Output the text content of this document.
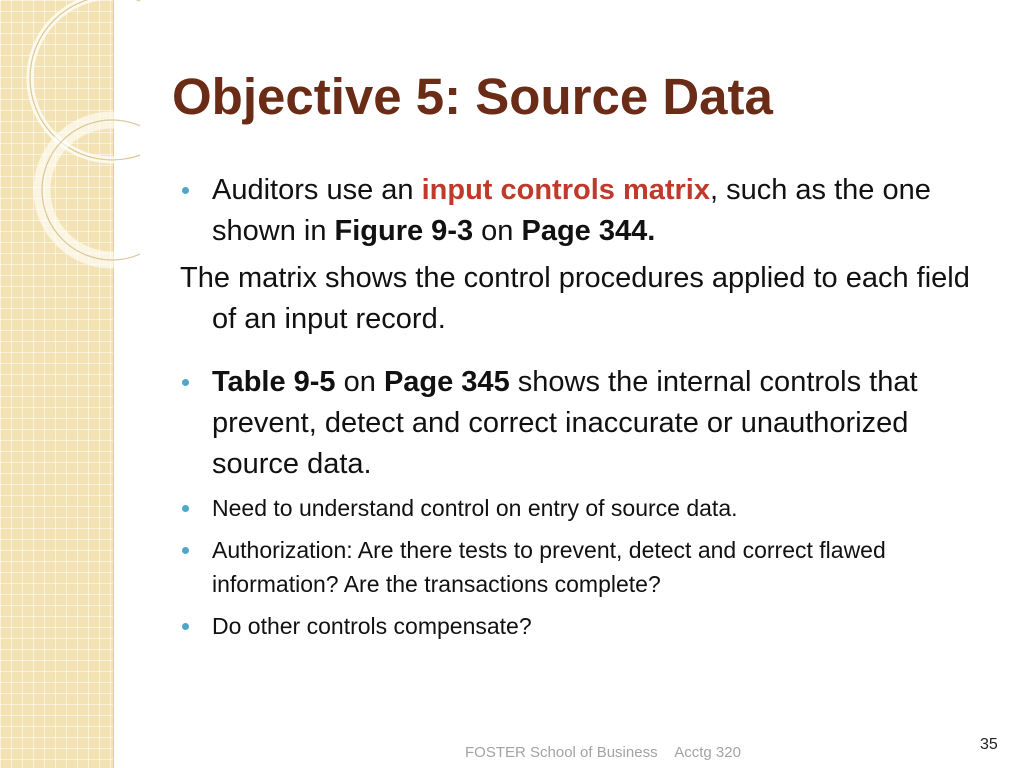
Objective 5: Source Data

Auditors use an input controls matrix, such as the one shown in Figure 9-3 on Page 344.

The matrix shows the control procedures applied to each field of an input record.

Table 9-5 on Page 345 shows the internal controls that prevent, detect and correct inaccurate or unauthorized source data.

Need to understand control on entry of source data.

Authorization: Are there tests to prevent, detect and correct flawed information? Are the transactions complete?

Do other controls compensate?

FOSTER School of Business Acctg 320	35
